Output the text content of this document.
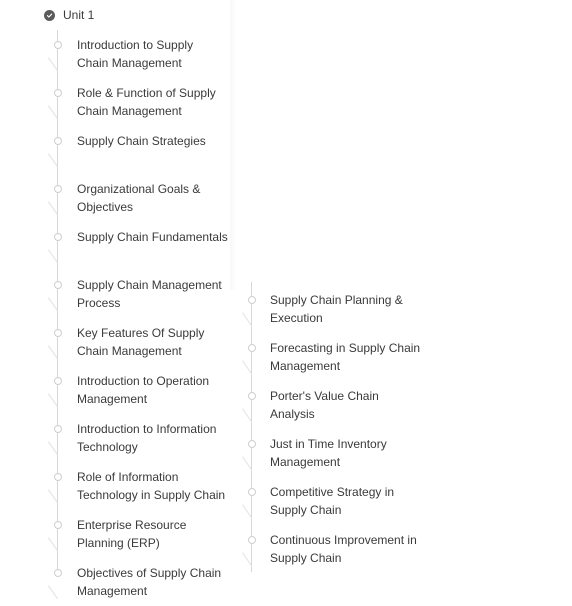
Unit 1
Introduction to Supply
Chain Management
Role & Function of Supply
Chain Management
Supply Chain Strategies
Organizational Goals &
Objectives
Supply Chain Fundamentals
Supply Chain Management
Process
Key Features Of Supply
Chain Management
Introduction to Operation
Management
Introduction to Information
Technology
Role of Information
Technology in Supply Chain
Enterprise Resource
Planning (ERP)
Objectives of Supply Chain
Management
Supply Chain Planning &
Execution
Forecasting in Supply Chain
Management
Porter's Value Chain
Analysis
Just in Time Inventory
Management
Competitive Strategy in
Supply Chain
Continuous Improvement in
Supply Chain
